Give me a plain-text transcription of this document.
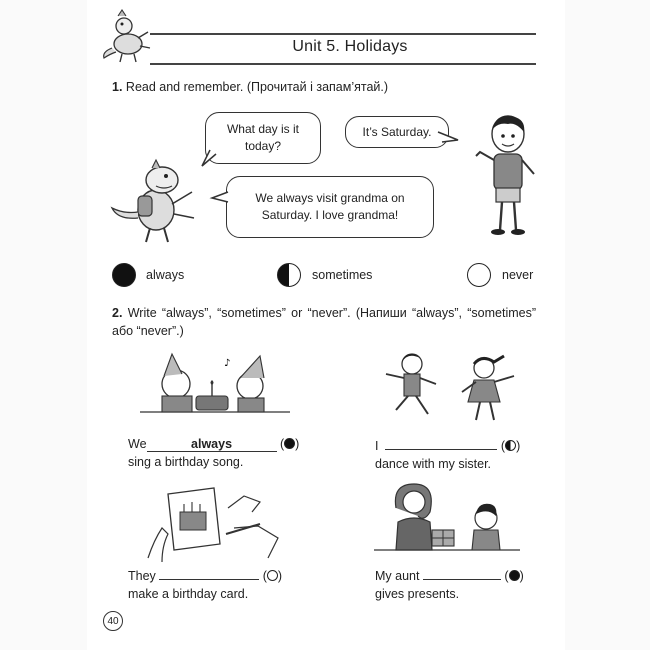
Unit 5. Holidays
1. Read and remember. (Прочитай і запам’ятай.)
What day is it today?
It’s Saturday.
We always visit grandma on Saturday. I love grandma!
always	sometimes	never
2. Write “always”, “sometimes” or “never”. (Напиши “always”, “sometimes” або “never”.)
♪
We	always	( )
sing a birthday song.
I	( )
dance with my sister.
They	( )
make a birthday card.
My aunt	( )
gives presents.
40
